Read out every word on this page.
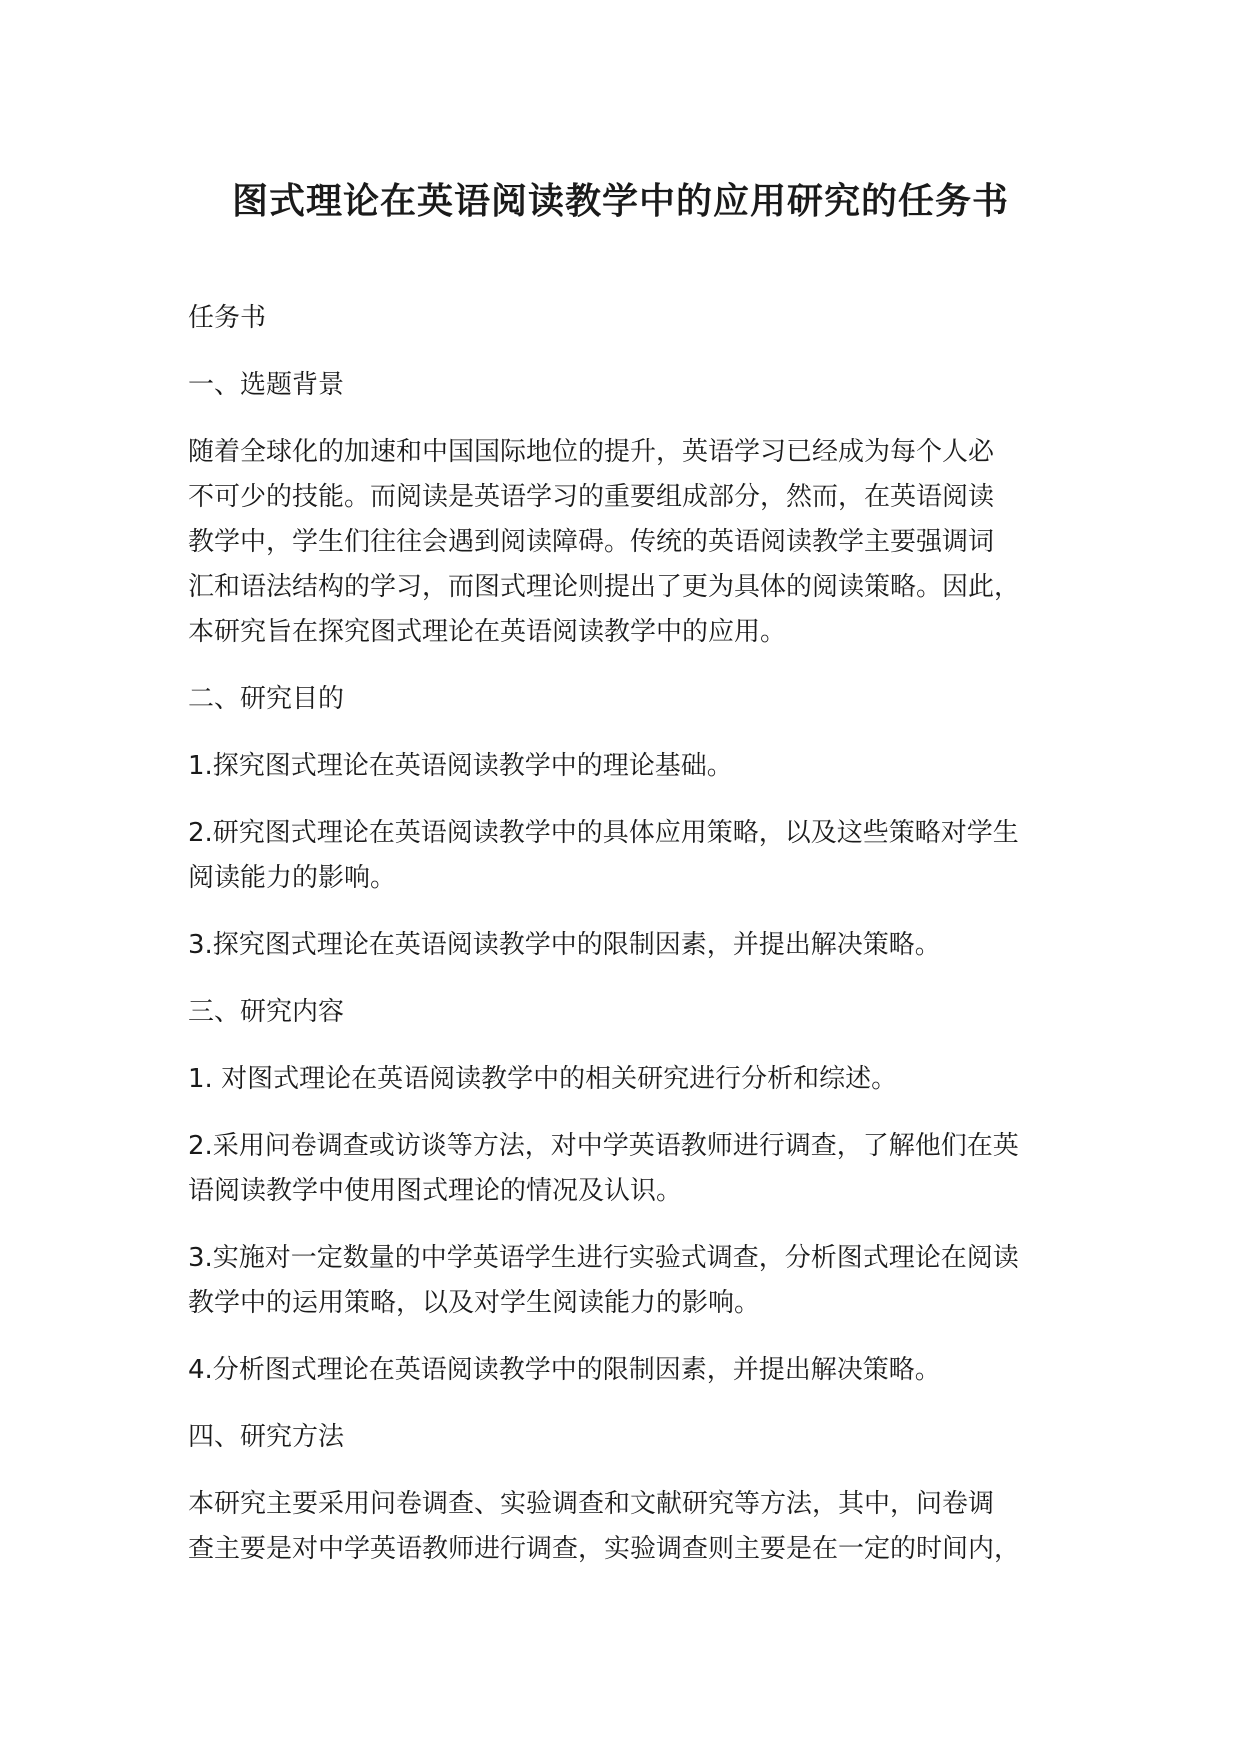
图式理论在英语阅读教学中的应用研究的任务书
任务书
一、选题背景
随着全球化的加速和中国国际地位的提升，英语学习已经成为每个人必
不可少的技能。而阅读是英语学习的重要组成部分，然而，在英语阅读
教学中，学生们往往会遇到阅读障碍。传统的英语阅读教学主要强调词
汇和语法结构的学习，而图式理论则提出了更为具体的阅读策略。因此，
本研究旨在探究图式理论在英语阅读教学中的应用。
二、研究目的
1.探究图式理论在英语阅读教学中的理论基础。
2.研究图式理论在英语阅读教学中的具体应用策略，以及这些策略对学生
阅读能力的影响。
3.探究图式理论在英语阅读教学中的限制因素，并提出解决策略。
三、研究内容
1. 对图式理论在英语阅读教学中的相关研究进行分析和综述。
2.采用问卷调查或访谈等方法，对中学英语教师进行调查，了解他们在英
语阅读教学中使用图式理论的情况及认识。
3.实施对一定数量的中学英语学生进行实验式调查，分析图式理论在阅读
教学中的运用策略，以及对学生阅读能力的影响。
4.分析图式理论在英语阅读教学中的限制因素，并提出解决策略。
四、研究方法
本研究主要采用问卷调查、实验调查和文献研究等方法，其中，问卷调
查主要是对中学英语教师进行调查，实验调查则主要是在一定的时间内，
